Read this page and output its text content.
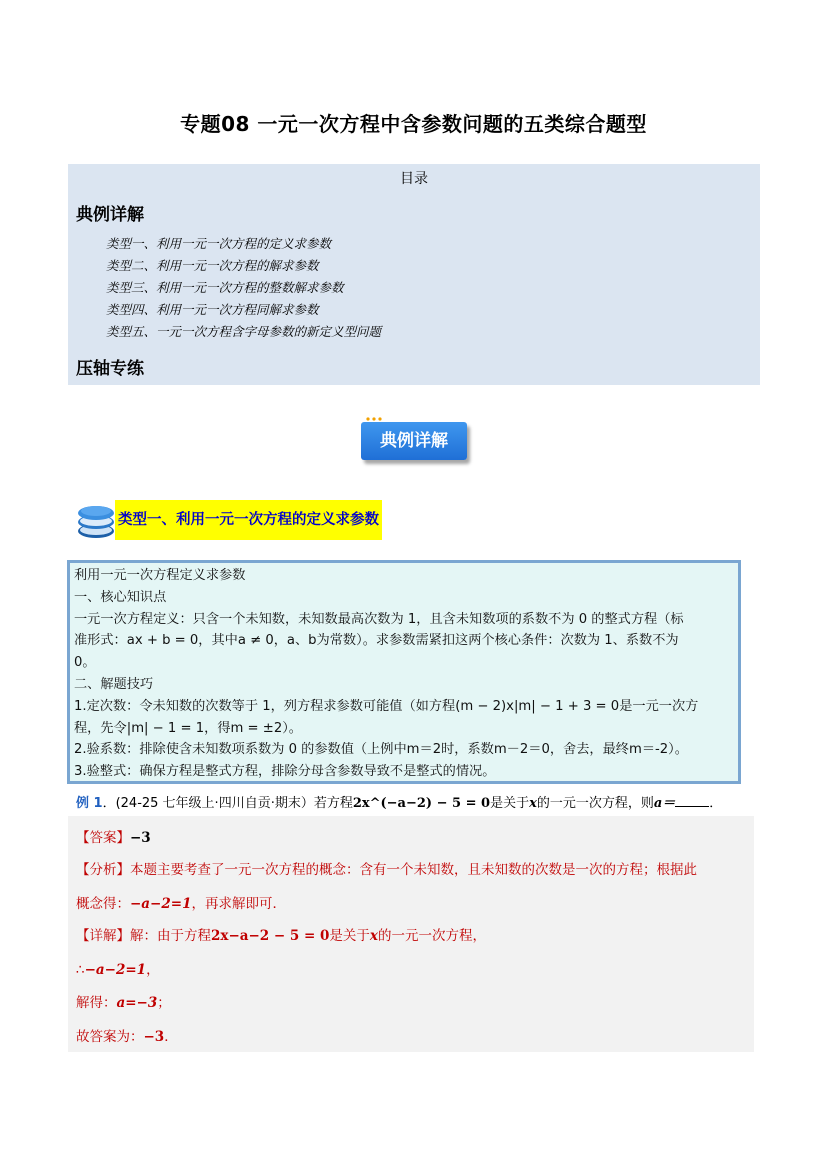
专题08 一元一次方程中含参数问题的五类综合题型
目录
典例详解
类型一、利用一元一次方程的定义求参数
类型二、利用一元一次方程的解求参数
类型三、利用一元一次方程的整数解求参数
类型四、利用一元一次方程同解求参数
类型五、一元一次方程含字母参数的新定义型问题
压轴专练
典例详解
类型一、利用一元一次方程的定义求参数
利用一元一次方程定义求参数
一、核心知识点
一元一次方程定义：只含一个未知数，未知数最高次数为 1，且含未知数项的系数不为 0 的整式方程（标
准形式：ax + b = 0，其中a ≠ 0，a、b为常数）。求参数需紧扣这两个核心条件：次数为 1、系数不为
0。
二、解题技巧
1.定次数：令未知数的次数等于 1，列方程求参数可能值（如方程(m − 2)x|m| − 1 + 3 = 0是一元一次方
程，先令|m| − 1 = 1，得m = ±2）。
2.验系数：排除使含未知数项系数为 0 的参数值（上例中m＝2时，系数m－2＝0，舍去，最终m＝-2）。
3.验整式：确保方程是整式方程，排除分母含参数导致不是整式的情况。
例 1．(24-25 七年级上·四川自贡·期末）若方程2x^(−a−2) − 5 = 0是关于x的一元一次方程，则a＝	．
【答案】−3
【分析】本题主要考查了一元一次方程的概念：含有一个未知数，且未知数的次数是一次的方程；根据此
概念得：−a−2=1，再求解即可．
【详解】解：由于方程2x−a−2 − 5 = 0是关于x的一元一次方程，
∴−a−2=1，
解得：a=−3；
故答案为：−3．
